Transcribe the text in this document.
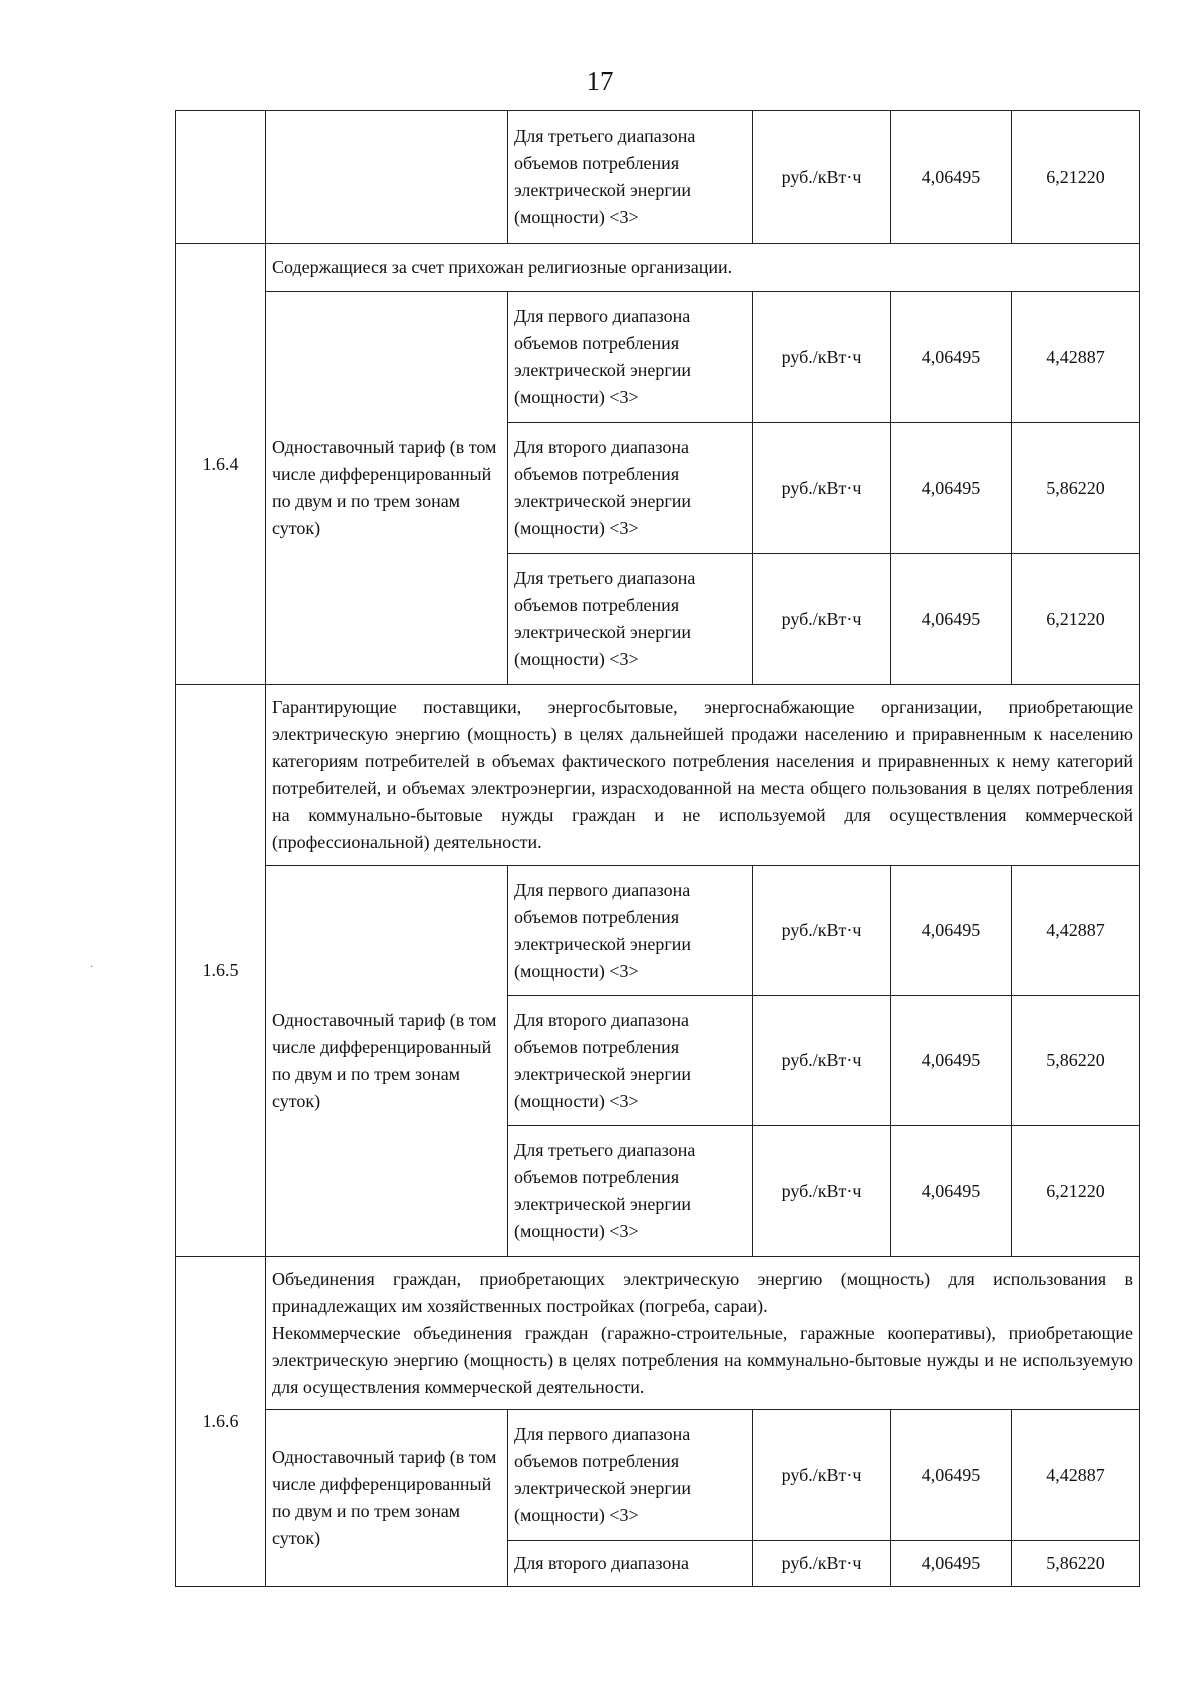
17
.
		Для третьего диапазона объемов потребления электрической энергии (мощности) <3>	руб./кВт·ч	4,06495	6,21220
1.6.4	Содержащиеся за счет прихожан религиозные организации.				
	Одноставочный тариф (в том числе дифференцированный по двум и по трем зонам суток)	Для первого диапазона объемов потребления электрической энергии (мощности) <3>	руб./кВт·ч	4,06495	4,42887
		Для второго диапазона объемов потребления электрической энергии (мощности) <3>	руб./кВт·ч	4,06495	5,86220
		Для третьего диапазона объемов потребления электрической энергии (мощности) <3>	руб./кВт·ч	4,06495	6,21220
1.6.5	Гарантирующие поставщики, энергосбытовые, энергоснабжающие организации, приобретающие электрическую энергию (мощность) в целях дальнейшей продажи населению и приравненным к населению категориям потребителей в объемах фактического потребления населения и приравненных к нему категорий потребителей, и объемах электроэнергии, израсходованной на места общего пользования в целях потребления на коммунально-бытовые нужды граждан и не используемой для осуществления коммерческой (профессиональной) деятельности.				
	Одноставочный тариф (в том числе дифференцированный по двум и по трем зонам суток)	Для первого диапазона объемов потребления электрической энергии (мощности) <3>	руб./кВт·ч	4,06495	4,42887
		Для второго диапазона объемов потребления электрической энергии (мощности) <3>	руб./кВт·ч	4,06495	5,86220
		Для третьего диапазона объемов потребления электрической энергии (мощности) <3>	руб./кВт·ч	4,06495	6,21220
1.6.6	Объединения граждан, приобретающих электрическую энергию (мощность) для использования в принадлежащих им хозяйственных постройках (погреба, сараи).
Некоммерческие объединения граждан (гаражно-строительные, гаражные кооперативы), приобретающие электрическую энергию (мощность) в целях потребления на коммунально-бытовые нужды и не используемую для осуществления коммерческой деятельности.				

	Одноставочный тариф (в том числе дифференцированный по двум и по трем зонам суток)	Для первого диапазона объемов потребления электрической энергии (мощности) <3>	руб./кВт·ч	4,06495	4,42887
		Для второго диапазона	руб./кВт·ч	4,06495	5,86220
